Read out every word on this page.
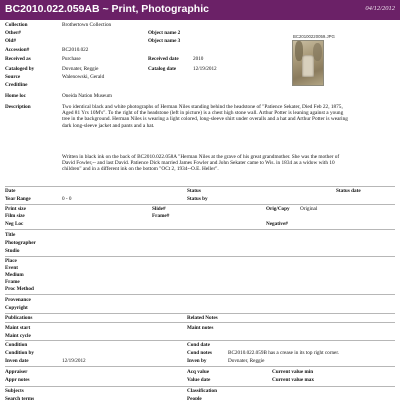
BC2010.022.059AB ~ Print, Photographic	04/12/2012
Collection	Brothertown Collection
Other#	Object name 2
Old#	Object name 3
Accession#	BC2010.022
Received as	Purchase	Received date	2010
Cataloged by	Dovnater, Reggie	Catalog date	12/19/2012
Source	Walenowski, Gerald
Creditline
Home loc	Oneida Nation Museum
BC20100220059.JPG
Description	Two identical black and white photographs of Herman Niles standing behind the headstone of "Patience Sekater, Died Feb 22, 1875, Aged 81 Yrs 10M's". To the right of the headstone (left in picture) is a chest high stone wall. Arthur Potter is leaning against a young tree in the background. Herman Niles is wearing a light colored, long-sleeve shirt under overalls and a hat and Arthur Potter is wearing dark long-sleeve jacket and pants and a hat.
Written in black ink on the back of BC2010.022.058A "Herman Niles at the grave of his great grandmother. She was the mother of David Fowler,-- and last David. Patience Dick married James Fowler and John Sekater came to Wis. in 1834 as a widow with 10 children" and in a different ink on the bottom "OCt 2, 1934--O.E. Heller".
Date	Status	Status date
Year Range	0 - 0	Status by
Print size	Slide#	Orig/Copy Original
Film size	Frame#
Neg Loc	Negative#
Title
Photographer
Studio
Place
Event
Medium
Frame
Proc Method
Provenance
Copyright
Publications	Related Notes
Maint start	Maint notes
Maint cycle
Condition	Cond date
Condition by	Cond notes	BC2010.022.059B has a crease in its top right corner.
Inven date	12/19/2012	Inven by	Dovnater, Reggie
Appraiser	Acq value	Current value min
Appr notes	Value date	Current value max
Subjects	Classification
Search terms	People
